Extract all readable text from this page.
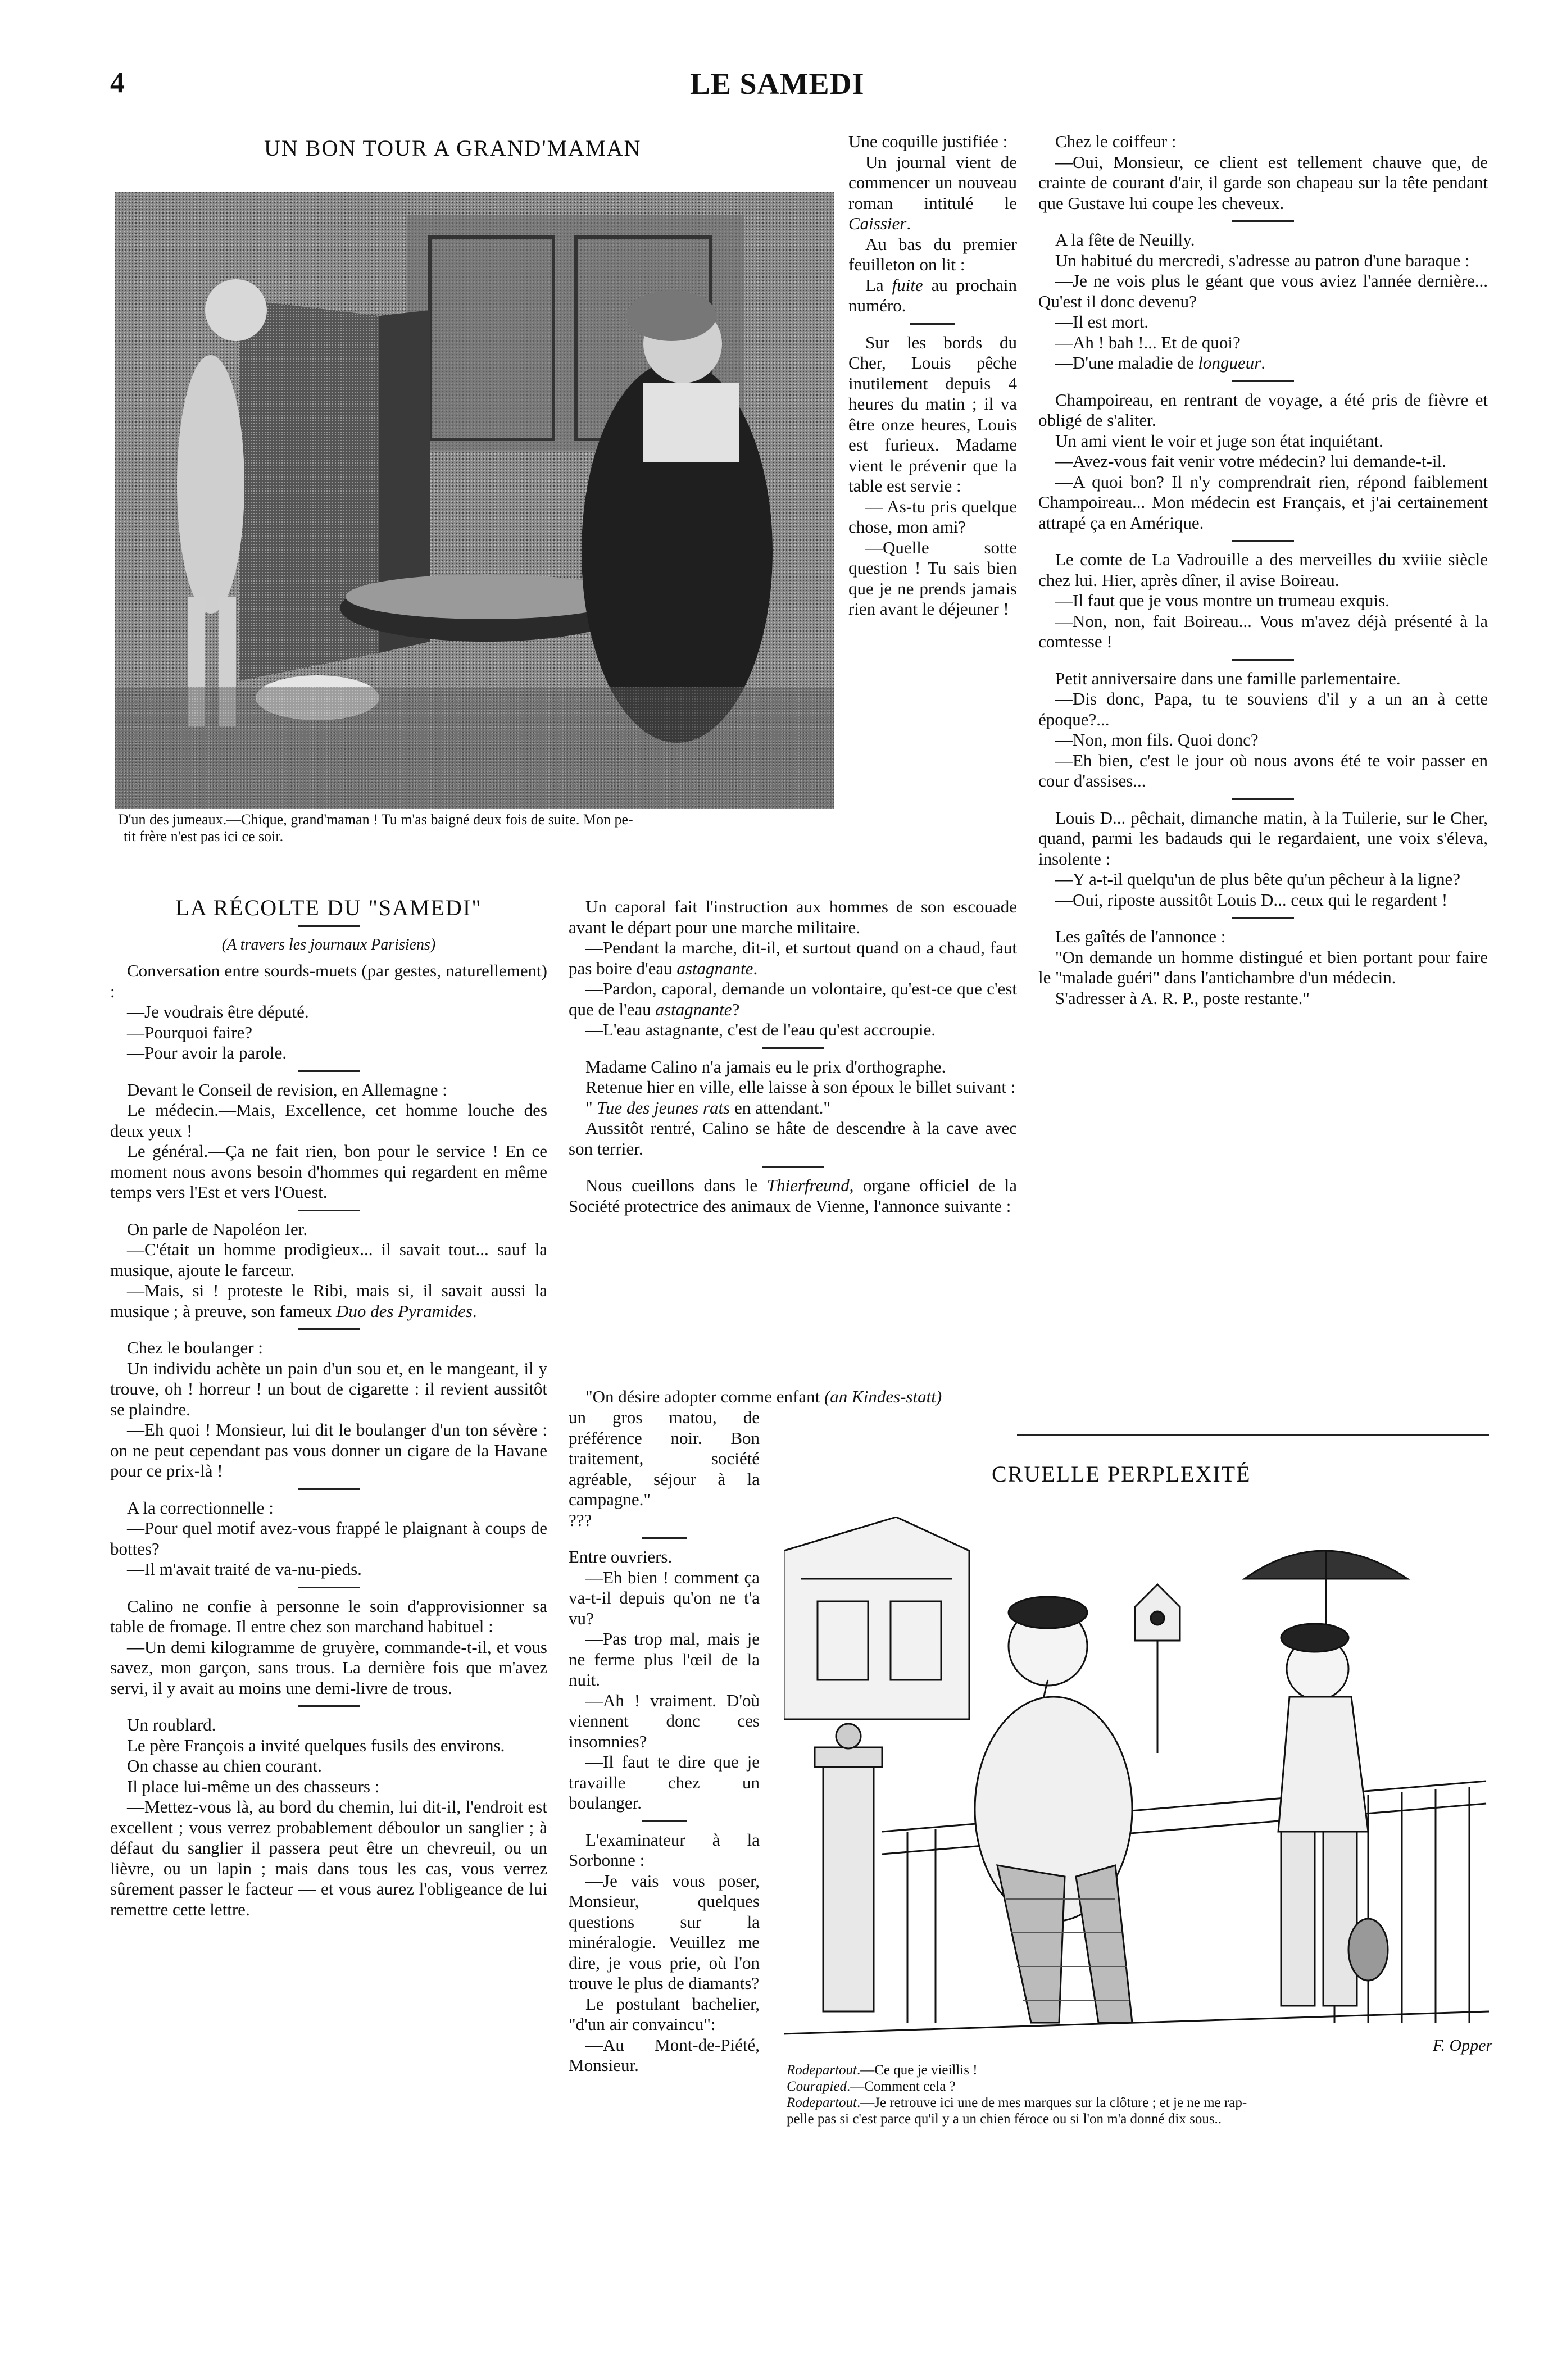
4	LE SAMEDI
UN BON TOUR A GRAND'MAMAN
D'un des jumeaux.—Chique, grand'maman ! Tu m'as baigné deux fois de suite. Mon pe-
tit frère n'est pas ici ce soir.
LA RÉCOLTE DU "SAMEDI"
(A travers les journaux Parisiens)

Conversation entre sourds-muets (par gestes, naturellement) :

—Je voudrais être député.

—Pourquoi faire?

—Pour avoir la parole.

Devant le Conseil de revision, en Allemagne :

Le médecin.—Mais, Excellence, cet homme louche des deux yeux !

Le général.—Ça ne fait rien, bon pour le service ! En ce moment nous avons besoin d'hommes qui regardent en même temps vers l'Est et vers l'Ouest.

On parle de Napoléon Ier.

—C'était un homme prodigieux... il savait tout... sauf la musique, ajoute le farceur.

—Mais, si ! proteste le Ribi, mais si, il savait aussi la musique ; à preuve, son fameux Duo des Pyramides.

Chez le boulanger :

Un individu achète un pain d'un sou et, en le mangeant, il y trouve, oh ! horreur ! un bout de cigarette : il revient aussitôt se plaindre.

—Eh quoi ! Monsieur, lui dit le boulanger d'un ton sévère : on ne peut cependant pas vous donner un cigare de la Havane pour ce prix-là !

A la correctionnelle :

—Pour quel motif avez-vous frappé le plaignant à coups de bottes?

—Il m'avait traité de va-nu-pieds.

Calino ne confie à personne le soin d'approvisionner sa table de fromage. Il entre chez son marchand habituel :

—Un demi kilogramme de gruyère, commande-t-il, et vous savez, mon garçon, sans trous. La dernière fois que m'avez servi, il y avait au moins une demi-livre de trous.

Un roublard.

Le père François a invité quelques fusils des environs.

On chasse au chien courant.

Il place lui-même un des chasseurs :

—Mettez-vous là, au bord du chemin, lui dit-il, l'endroit est excellent ; vous verrez probablement déboulor un sanglier ; à défaut du sanglier il passera peut être un chevreuil, ou un lièvre, ou un lapin ; mais dans tous les cas, vous verrez sûrement passer le facteur — et vous aurez l'obligeance de lui remettre cette lettre.

Une coquille justifiée :

Un journal vient de commencer un nouveau roman intitulé le Caissier.

Au bas du premier feuilleton on lit :

La fuite au prochain numéro.

Sur les bords du Cher, Louis pêche inutilement depuis 4 heures du matin ; il va être onze heures, Louis est furieux. Madame vient le prévenir que la table est servie :

— As-tu pris quelque chose, mon ami?

—Quelle sotte question ! Tu sais bien que je ne prends jamais rien avant le déjeuner !

Un caporal fait l'instruction aux hommes de son escouade avant le départ pour une marche militaire.

—Pendant la marche, dit-il, et surtout quand on a chaud, faut pas boire d'eau astagnante.

—Pardon, caporal, demande un volontaire, qu'est-ce que c'est que de l'eau astagnante?

—L'eau astagnante, c'est de l'eau qu'est accroupie.

Madame Calino n'a jamais eu le prix d'orthographe.

Retenue hier en ville, elle laisse à son époux le billet suivant :

" Tue des jeunes rats en attendant."

Aussitôt rentré, Calino se hâte de descendre à la cave avec son terrier.

Nous cueillons dans le Thierfreund, organe officiel de la Société protectrice des animaux de Vienne, l'annonce suivante :

"On désire adopter comme enfant (an Kindes-statt)

un gros matou, de préférence noir. Bon traitement, société agréable, séjour à la campagne."

???

Entre ouvriers.

—Eh bien ! comment ça va-t-il depuis qu'on ne t'a vu?

—Pas trop mal, mais je ne ferme plus l'œil de la nuit.

—Ah ! vraiment. D'où viennent donc ces insomnies?

—Il faut te dire que je travaille chez un boulanger.

L'examinateur à la Sorbonne :

—Je vais vous poser, Monsieur, quelques questions sur la minéralogie. Veuillez me dire, je vous prie, où l'on trouve le plus de diamants?

Le postulant bachelier, "d'un air convaincu":

—Au Mont-de-Piété, Monsieur.

Chez le coiffeur :

—Oui, Monsieur, ce client est tellement chauve que, de crainte de courant d'air, il garde son chapeau sur la tête pendant que Gustave lui coupe les cheveux.

A la fête de Neuilly.

Un habitué du mercredi, s'adresse au patron d'une baraque :

—Je ne vois plus le géant que vous aviez l'année dernière... Qu'est il donc devenu?

—Il est mort.

—Ah ! bah !... Et de quoi?

—D'une maladie de longueur.

Champoireau, en rentrant de voyage, a été pris de fièvre et obligé de s'aliter.

Un ami vient le voir et juge son état inquiétant.

—Avez-vous fait venir votre médecin? lui demande-t-il.

—A quoi bon? Il n'y comprendrait rien, répond faiblement Champoireau... Mon médecin est Français, et j'ai certainement attrapé ça en Amérique.

Le comte de La Vadrouille a des merveilles du xviiie siècle chez lui. Hier, après dîner, il avise Boireau.

—Il faut que je vous montre un trumeau exquis.

—Non, non, fait Boireau... Vous m'avez déjà présenté à la comtesse !

Petit anniversaire dans une famille parlementaire.

—Dis donc, Papa, tu te souviens d'il y a un an à cette époque?...

—Non, mon fils. Quoi donc?

—Eh bien, c'est le jour où nous avons été te voir passer en cour d'assises...

Louis D... pêchait, dimanche matin, à la Tuilerie, sur le Cher, quand, parmi les badauds qui le regardaient, une voix s'éleva, insolente :

—Y a-t-il quelqu'un de plus bête qu'un pêcheur à la ligne?

—Oui, riposte aussitôt Louis D... ceux qui le regardent !

Les gaîtés de l'annonce :

"On demande un homme distingué et bien portant pour faire le "malade guéri" dans l'antichambre d'un médecin.

S'adresser à A. R. P., poste restante."

CRUELLE PERPLEXITÉ
F. Opper
Rodepartout.—Ce que je vieillis !
Courapied.—Comment cela ?
Rodepartout.—Je retrouve ici une de mes marques sur la clôture ; et je ne me rap-
pelle pas si c'est parce qu'il y a un chien féroce ou si l'on m'a donné dix sous..
